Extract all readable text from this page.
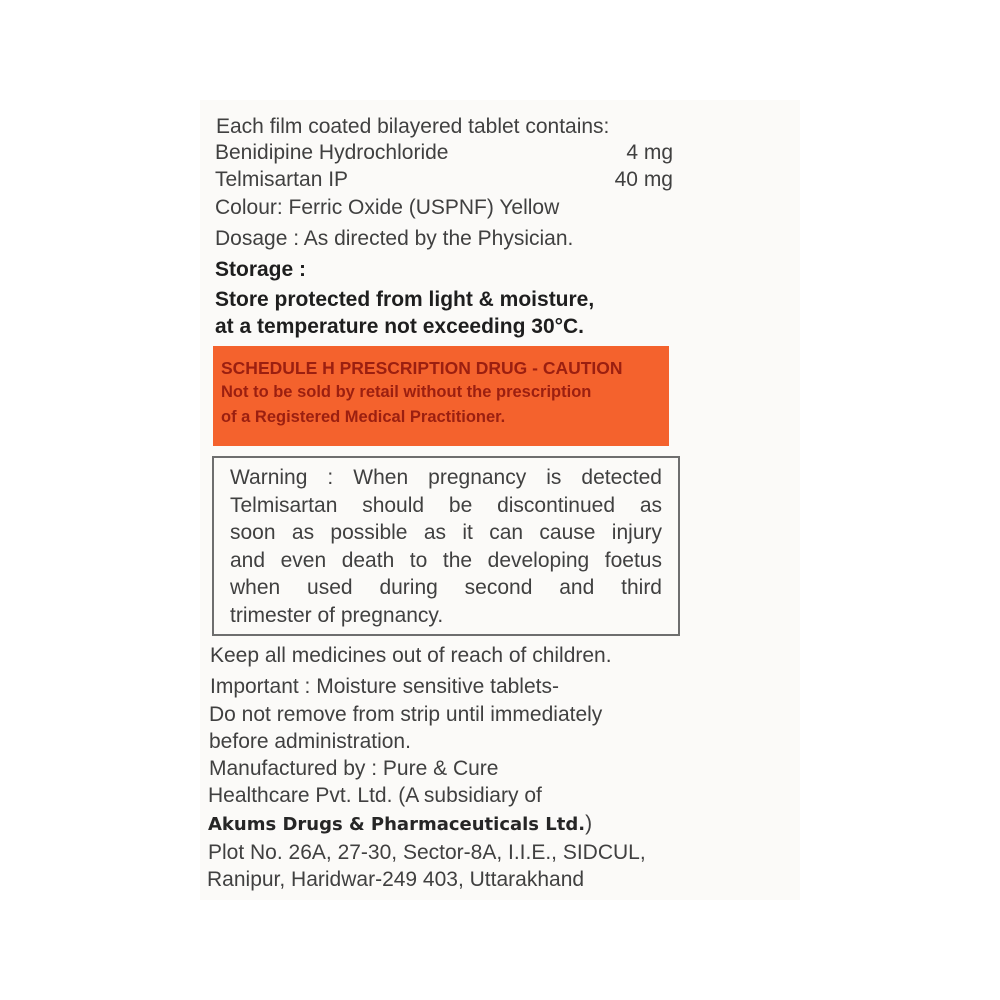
Each film coated bilayered tablet contains:
Benidipine Hydrochloride	4 mg
Telmisartan IP	40 mg
Colour: Ferric Oxide (USPNF) Yellow
Dosage : As directed by the Physician.
Storage :
Store protected from light & moisture,
at a temperature not exceeding 30°C.
SCHEDULE H PRESCRIPTION DRUG - CAUTION
Not to be sold by retail without the prescription
of a Registered Medical Practitioner.
Warning : When pregnancy is detected
Telmisartan should be discontinued as
soon as possible as it can cause injury
and even death to the developing foetus
when used during second and third
trimester of pregnancy.
Keep all medicines out of reach of children.
Important : Moisture sensitive tablets-
Do not remove from strip until immediately
before administration.
Manufactured by : Pure & Cure
Healthcare Pvt. Ltd. (A subsidiary of
Akums Drugs & Pharmaceuticals Ltd.)
Plot No. 26A, 27-30, Sector-8A, I.I.E., SIDCUL,
Ranipur, Haridwar-249 403, Uttarakhand
